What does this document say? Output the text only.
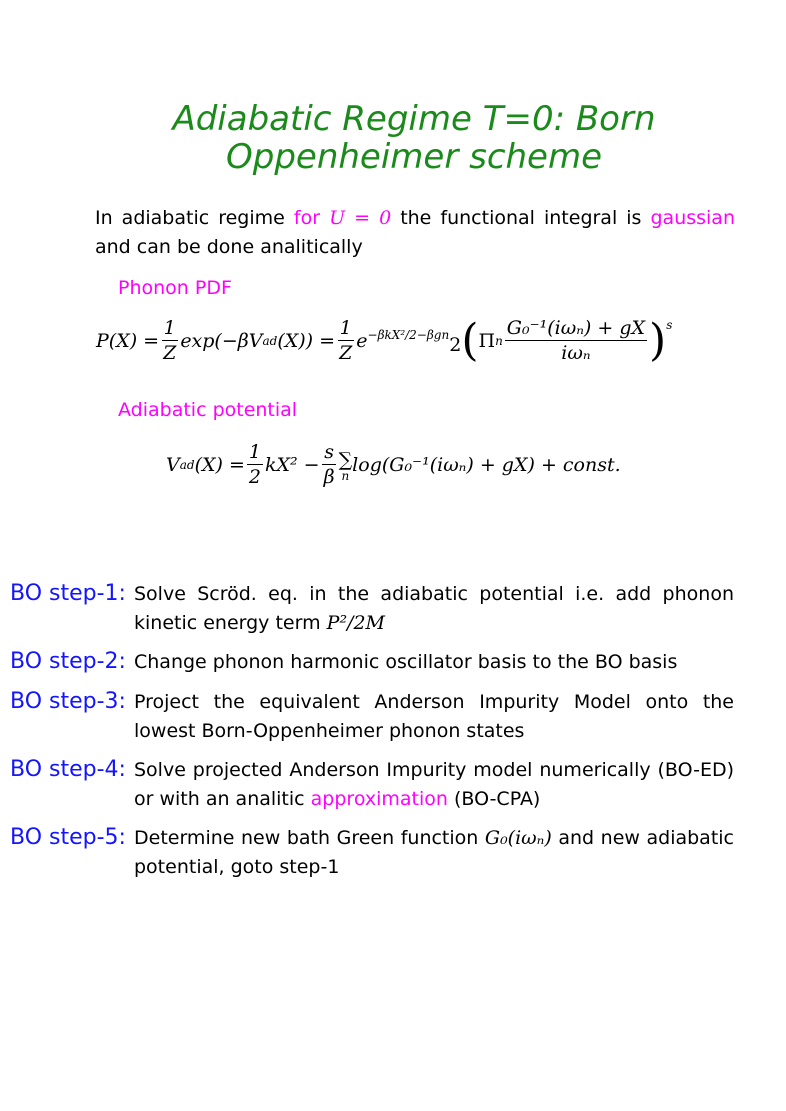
Adiabatic Regime T=0: Born
Oppenheimer scheme
In adiabatic regime for U = 0 the functional integral is gaussian and can be done analitically
Phonon PDF
$P(X) = \frac{1}{Z} \exp(-\beta V$ ad $(X)) = \frac{1}{Z}$ e −βkX²/2−βgn 2 ( Π n $\frac{\text{G₀⁻¹(iωₙ) + gX}}{\text{iωₙ}}$ ) s
Adiabatic potential
V ad $(X) = \frac{1}{2} kX^2 - \frac{s}{\beta}$ ∑
n log(G₀⁻¹(iωₙ) + gX) + const.
BO step-1: Solve Scröd. eq. in the adiabatic potential i.e. add phonon kinetic energy term P²/2M
BO step-2: Change phonon harmonic oscillator basis to the BO basis
BO step-3: Project the equivalent Anderson Impurity Model onto the lowest Born-Oppenheimer phonon states
BO step-4: Solve projected Anderson Impurity model numerically (BO-ED) or with an analitic approximation (BO-CPA)
BO step-5: Determine new bath Green function G₀(iωₙ) and new adiabatic potential, goto step-1
